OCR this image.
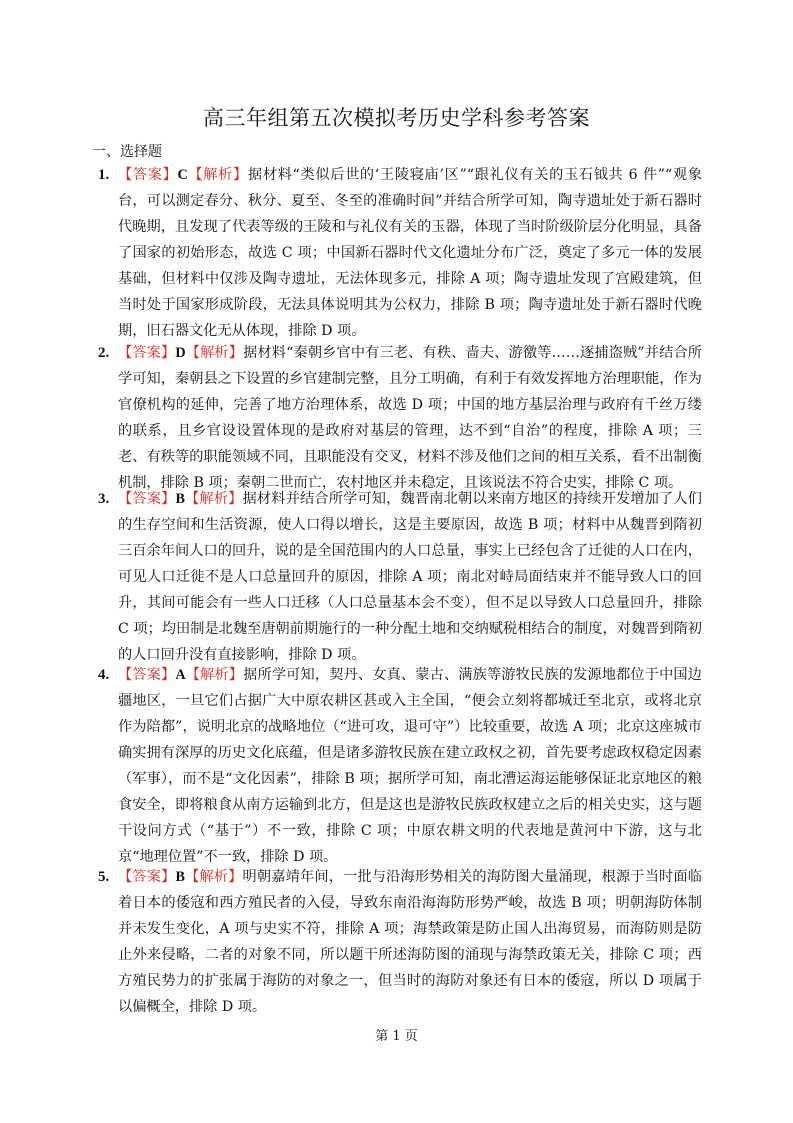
高三年组第五次模拟考历史学科参考答案
一、选择题
1. 【答案】C【解析】据材料“类似后世的‘王陵寝庙’区”“跟礼仪有关的玉石钺共 6 件”“观象台，可以测定春分、秋分、夏至、冬至的准确时间”并结合所学可知，陶寺遗址处于新石器时代晚期，且发现了代表等级的王陵和与礼仪有关的玉器，体现了当时阶级阶层分化明显，具备了国家的初始形态，故选 C 项；中国新石器时代文化遗址分布广泛，奠定了多元一体的发展基础，但材料中仅涉及陶寺遗址，无法体现多元，排除 A 项；陶寺遗址发现了宫殿建筑，但当时处于国家形成阶段，无法具体说明其为公权力，排除 B 项；陶寺遗址处于新石器时代晚期，旧石器文化无从体现，排除 D 项。
2. 【答案】D【解析】据材料“秦朝乡官中有三老、有秩、啬夫、游徼等……逐捕盗贼”并结合所学可知，秦朝县之下设置的乡官建制完整，且分工明确，有利于有效发挥地方治理职能，作为官僚机构的延伸，完善了地方治理体系，故选 D 项；中国的地方基层治理与政府有千丝万缕的联系，且乡官设设置体现的是政府对基层的管理，达不到“自治”的程度，排除 A 项；三老、有秩等的职能领域不同，且职能没有交叉，材料不涉及他们之间的相互关系，看不出制衡机制，排除 B 项；秦朝二世而亡，农村地区并未稳定，且该说法不符合史实，排除 C 项。
3. 【答案】B【解析】据材料并结合所学可知，魏晋南北朝以来南方地区的持续开发增加了人们的生存空间和生活资源，使人口得以增长，这是主要原因，故选 B 项；材料中从魏晋到隋初三百余年间人口的回升，说的是全国范围内的人口总量，事实上已经包含了迁徙的人口在内，可见人口迁徙不是人口总量回升的原因，排除 A 项；南北对峙局面结束并不能导致人口的回升，其间可能会有一些人口迁移（人口总量基本会不变），但不足以导致人口总量回升，排除 C 项；均田制是北魏至唐朝前期施行的一种分配土地和交纳赋税相结合的制度，对魏晋到隋初的人口回升没有直接影响，排除 D 项。
4. 【答案】A【解析】据所学可知，契丹、女真、蒙古、满族等游牧民族的发源地都位于中国边疆地区，一旦它们占据广大中原农耕区甚或入主全国，“便会立刻将都城迁至北京，或将北京作为陪都”，说明北京的战略地位（“进可攻，退可守”）比较重要，故选 A 项；北京这座城市确实拥有深厚的历史文化底蕴，但是诸多游牧民族在建立政权之初，首先要考虑政权稳定因素（军事），而不是“文化因素”，排除 B 项；据所学可知，南北漕运海运能够保证北京地区的粮食安全，即将粮食从南方运输到北方，但是这也是游牧民族政权建立之后的相关史实，这与题干设问方式（“基于”）不一致，排除 C 项；中原农耕文明的代表地是黄河中下游，这与北京“地理位置”不一致，排除 D 项。
5. 【答案】B【解析】明朝嘉靖年间，一批与沿海形势相关的海防图大量涌现，根源于当时面临着日本的倭寇和西方殖民者的入侵，导致东南沿海海防形势严峻，故选 B 项；明朝海防体制并未发生变化，A 项与史实不符，排除 A 项；海禁政策是防止国人出海贸易，而海防则是防止外来侵略，二者的对象不同，所以题干所述海防图的涌现与海禁政策无关，排除 C 项；西方殖民势力的扩张属于海防的对象之一，但当时的海防对象还有日本的倭寇，所以 D 项属于以偏概全，排除 D 项。
第 1 页
